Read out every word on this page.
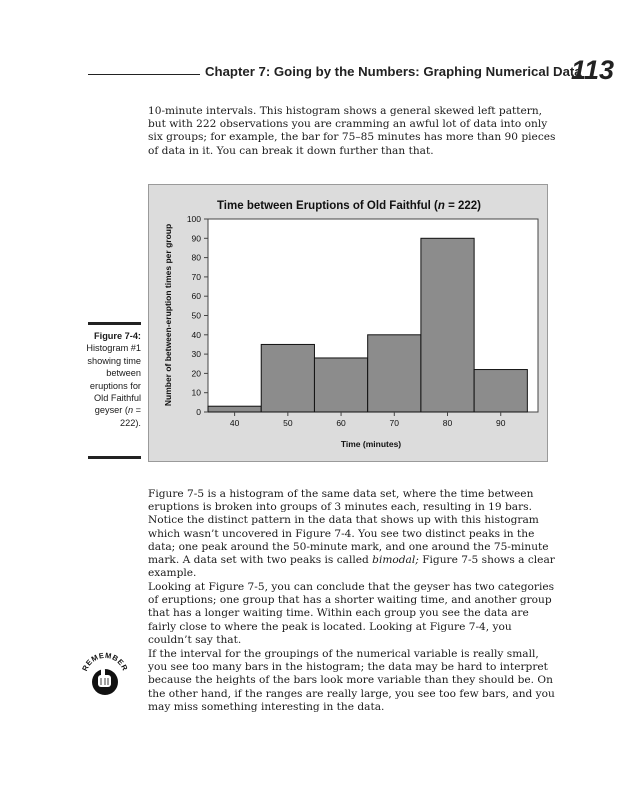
Chapter 7: Going by the Numbers: Graphing Numerical Data
113

10-minute intervals. This histogram shows a general skewed left pattern, but with 222 observations you are cramming an awful lot of data into only six groups; for example, the bar for 75–85 minutes has more than 90 pieces of data in it. You can break it down further than that.

Time between Eruptions of Old Faithful (n = 222)
0
10
20
30
40
50
60
70
80
90
100
40	50	60	70	80	90
Time (minutes)
Number of between-eruption times per group
Figure 7-4:
Histogram #1 showing time between eruptions for Old Faithful geyser (n = 222).

Figure 7-5 is a histogram of the same data set, where the time between eruptions is broken into groups of 3 minutes each, resulting in 19 bars. Notice the distinct pattern in the data that shows up with this histogram which wasn’t uncovered in Figure 7-4. You see two distinct peaks in the data; one peak around the 50-minute mark, and one around the 75-minute mark. A data set with two peaks is called bimodal; Figure 7-5 shows a clear example.

Looking at Figure 7-5, you can conclude that the geyser has two categories of eruptions; one group that has a shorter waiting time, and another group that has a longer waiting time. Within each group you see the data are fairly close to where the peak is located. Looking at Figure 7-4, you couldn’t say that.

REMEMBER

If the interval for the groupings of the numerical variable is really small, you see too many bars in the histogram; the data may be hard to interpret because the heights of the bars look more variable than they should be. On the other hand, if the ranges are really large, you see too few bars, and you may miss something interesting in the data.
